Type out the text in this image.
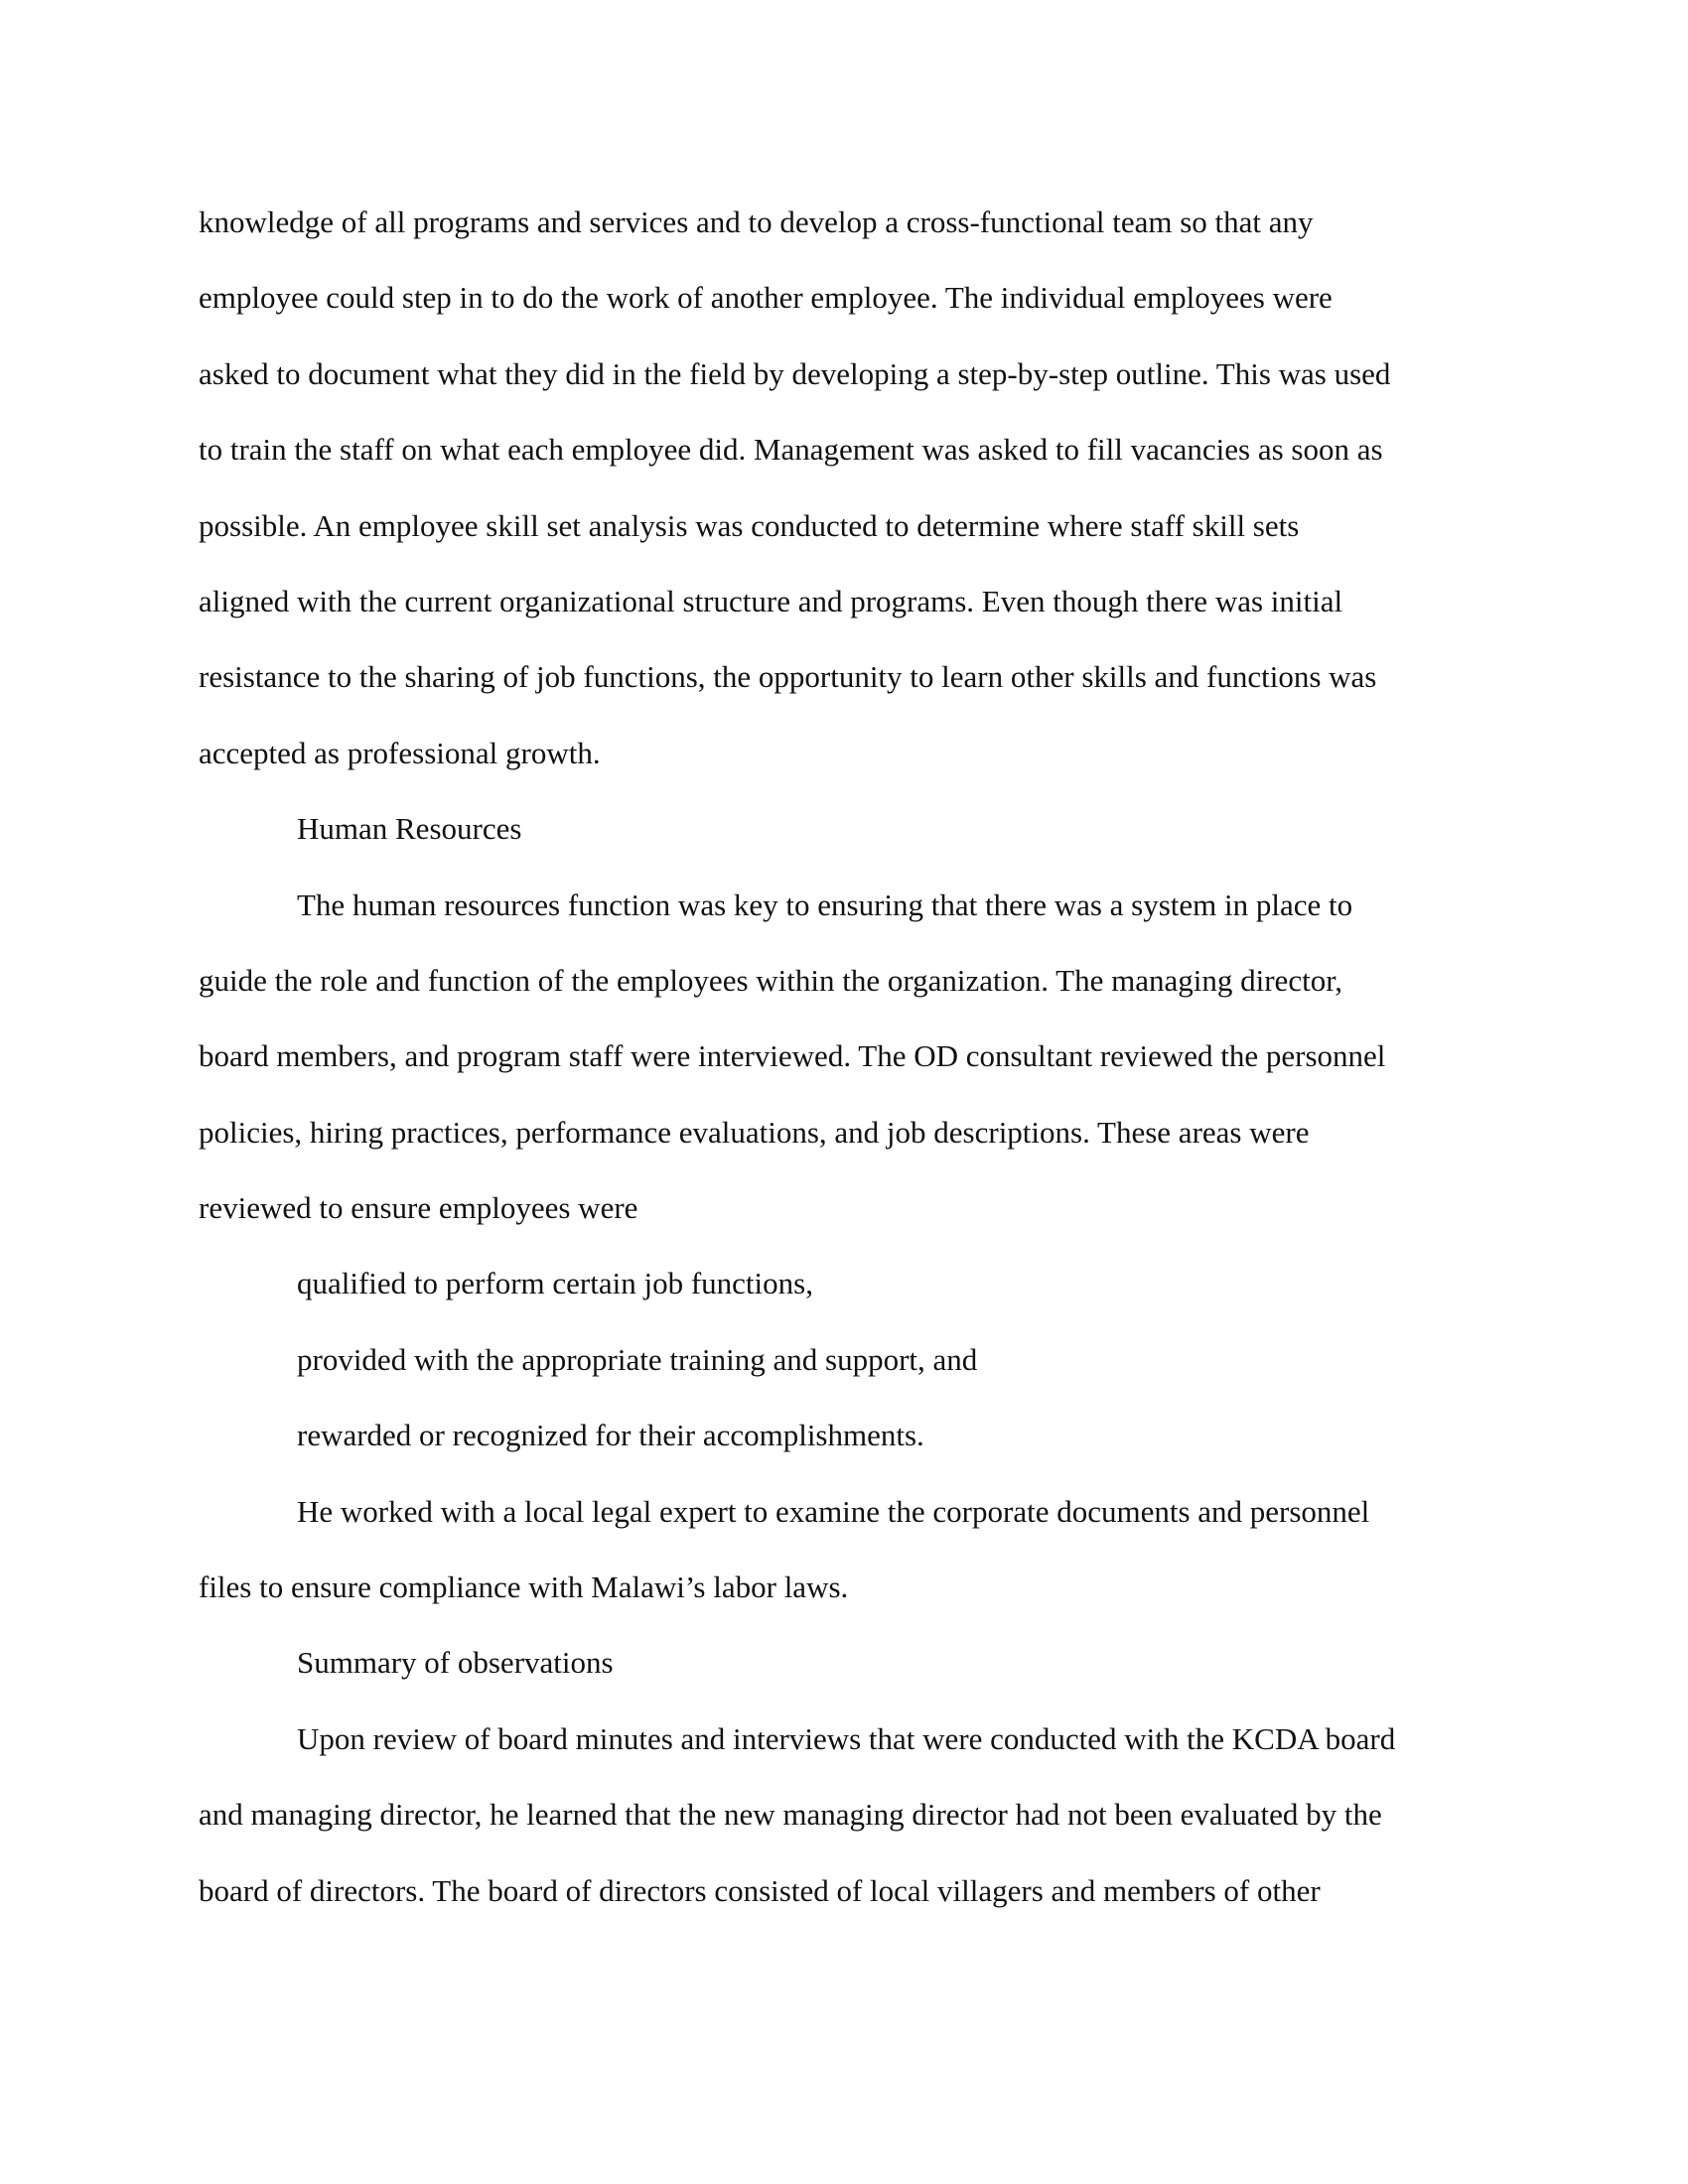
knowledge of all programs and services and to develop a cross-functional team so that any
employee could step in to do the work of another employee. The individual employees were
asked to document what they did in the field by developing a step-by-step outline. This was used
to train the staff on what each employee did. Management was asked to fill vacancies as soon as
possible. An employee skill set analysis was conducted to determine where staff skill sets
aligned with the current organizational structure and programs. Even though there was initial
resistance to the sharing of job functions, the opportunity to learn other skills and functions was
accepted as professional growth.
Human Resources
The human resources function was key to ensuring that there was a system in place to
guide the role and function of the employees within the organization. The managing director,
board members, and program staff were interviewed. The OD consultant reviewed the personnel
policies, hiring practices, performance evaluations, and job descriptions. These areas were
reviewed to ensure employees were
qualified to perform certain job functions,
provided with the appropriate training and support, and
rewarded or recognized for their accomplishments.
He worked with a local legal expert to examine the corporate documents and personnel
files to ensure compliance with Malawi’s labor laws.
Summary of observations
Upon review of board minutes and interviews that were conducted with the KCDA board
and managing director, he learned that the new managing director had not been evaluated by the
board of directors. The board of directors consisted of local villagers and members of other
